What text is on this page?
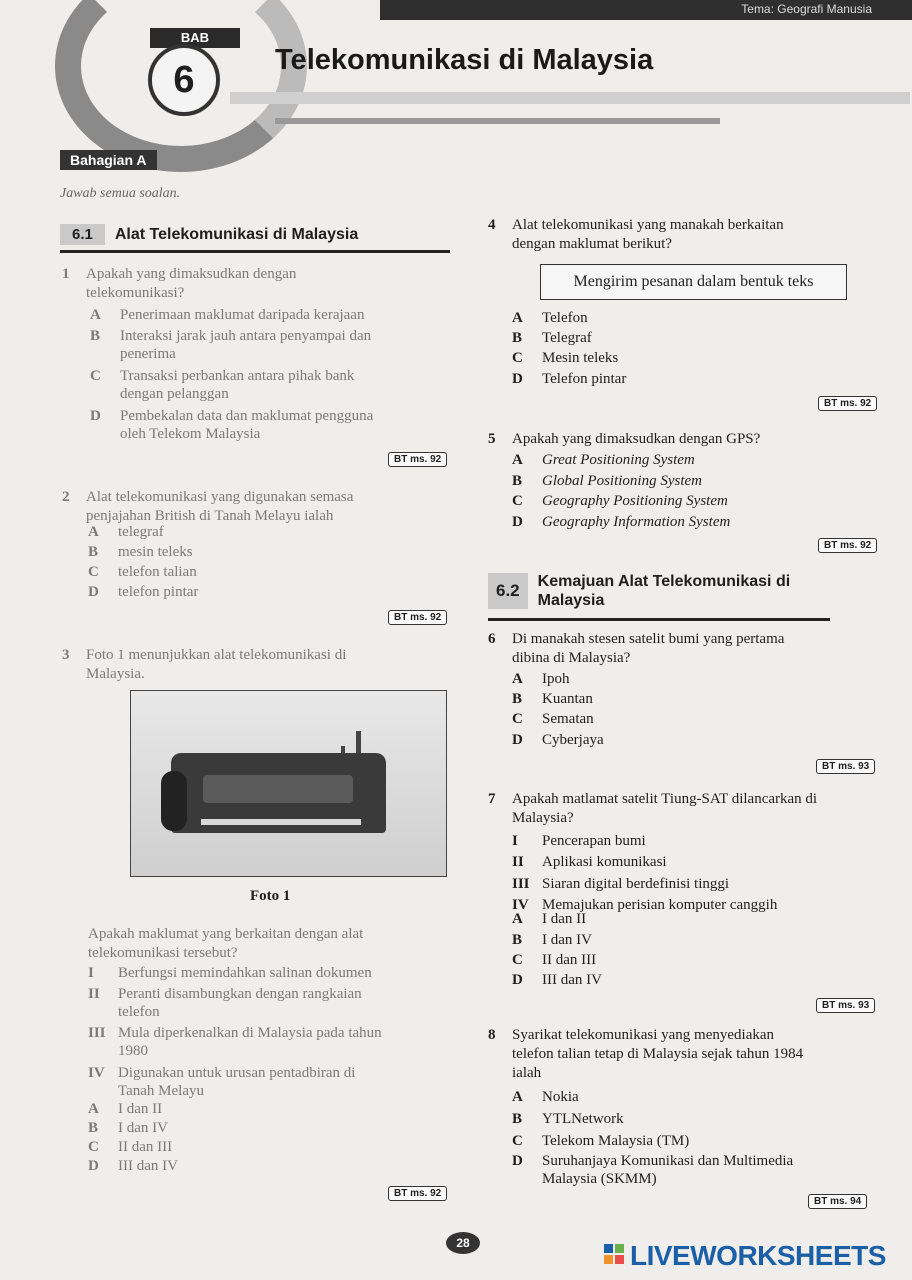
Tema: Geografi Manusia
BAB
6	Telekomunikasi di Malaysia
Bahagian A
Jawab semua soalan.
6.1	Alat Telekomunikasi di Malaysia
1 Apakah yang dimaksudkan dengan
telekomunikasi?
A Penerimaan maklumat daripada kerajaan
B Interaksi jarak jauh antara penyampai dan
penerima
C Transaksi perbankan antara pihak bank
dengan pelanggan
D Pembekalan data dan maklumat pengguna
oleh Telekom Malaysia
BT ms. 92
2 Alat telekomunikasi yang digunakan semasa
penjajahan British di Tanah Melayu ialah
A telegraf
B mesin teleks
C telefon talian
D telefon pintar
BT ms. 92
3 Foto 1 menunjukkan alat telekomunikasi di
Malaysia.
Foto 1
Apakah maklumat yang berkaitan dengan alat
telekomunikasi tersebut?
I Berfungsi memindahkan salinan dokumen
II Peranti disambungkan dengan rangkaian
telefon
III Mula diperkenalkan di Malaysia pada tahun
1980
IV Digunakan untuk urusan pentadbiran di
Tanah Melayu
A I dan II
B I dan IV
C II dan III
D III dan IV
BT ms. 92
4 Alat telekomunikasi yang manakah berkaitan
dengan maklumat berikut?
Mengirim pesanan dalam bentuk teks
A Telefon
B Telegraf
C Mesin teleks
D Telefon pintar
BT ms. 92
5 Apakah yang dimaksudkan dengan GPS?
A Great Positioning System
B Global Positioning System
C Geography Positioning System
D Geography Information System
BT ms. 92
6.2	Kemajuan Alat Telekomunikasi di
Malaysia
6 Di manakah stesen satelit bumi yang pertama
dibina di Malaysia?
A Ipoh
B Kuantan
C Sematan
D Cyberjaya
BT ms. 93
7 Apakah matlamat satelit Tiung-SAT dilancarkan di
Malaysia?
I Pencerapan bumi
II Aplikasi komunikasi
III Siaran digital berdefinisi tinggi
IV Memajukan perisian komputer canggih
A I dan II
B I dan IV
C II dan III
D III dan IV
BT ms. 93
8 Syarikat telekomunikasi yang menyediakan
telefon talian tetap di Malaysia sejak tahun 1984
ialah
A Nokia
B YTLNetwork
C Telekom Malaysia (TM)
D Suruhanjaya Komunikasi dan Multimedia
Malaysia (SKMM)
BT ms. 94
28	LIVEWORKSHEETS
